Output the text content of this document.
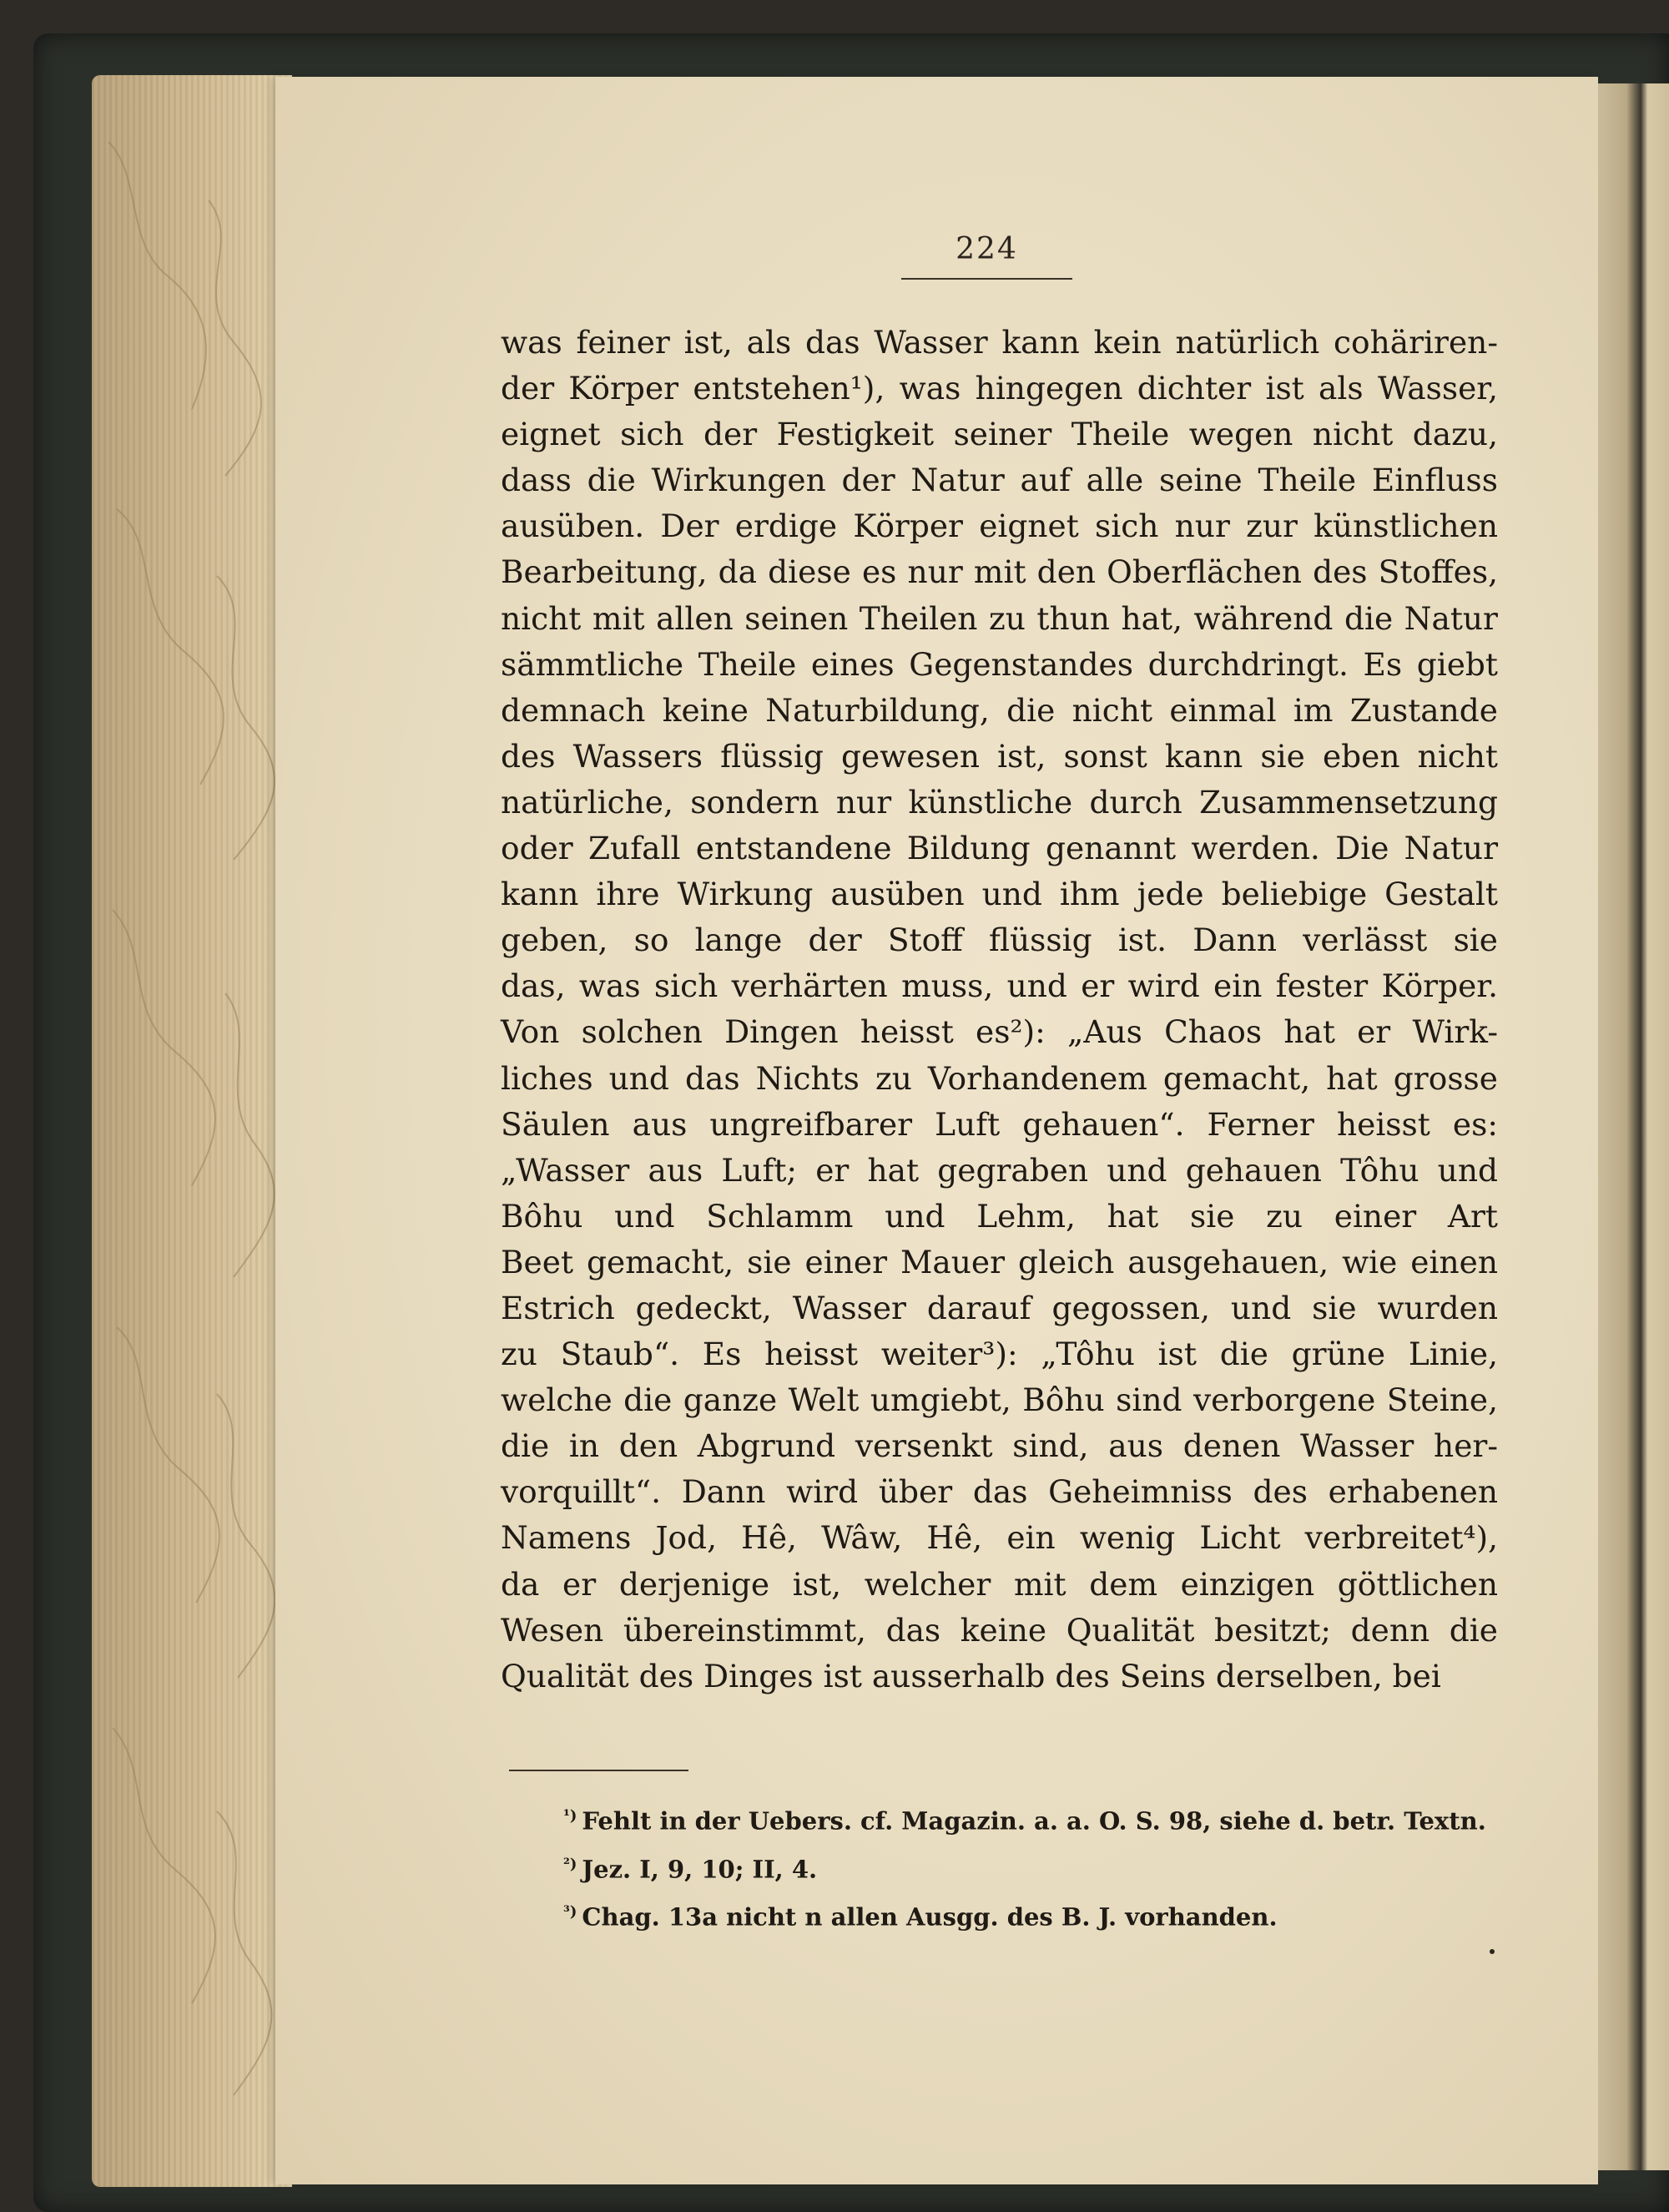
224
was feiner ist, als das Wasser kann kein natürlich cohäriren-
der Körper entstehen¹), was hingegen dichter ist als Wasser,
eignet sich der Festigkeit seiner Theile wegen nicht dazu,
dass die Wirkungen der Natur auf alle seine Theile Einfluss
ausüben. Der erdige Körper eignet sich nur zur künstlichen
Bearbeitung, da diese es nur mit den Oberflächen des Stoffes,
nicht mit allen seinen Theilen zu thun hat, während die Natur
sämmtliche Theile eines Gegenstandes durchdringt. Es giebt
demnach keine Naturbildung, die nicht einmal im Zustande
des Wassers flüssig gewesen ist, sonst kann sie eben nicht
natürliche, sondern nur künstliche durch Zusammensetzung
oder Zufall entstandene Bildung genannt werden. Die Natur
kann ihre Wirkung ausüben und ihm jede beliebige Gestalt
geben, so lange der Stoff flüssig ist. Dann verlässt sie
das, was sich verhärten muss, und er wird ein fester Körper.
Von solchen Dingen heisst es²): „Aus Chaos hat er Wirk-
liches und das Nichts zu Vorhandenem gemacht, hat grosse
Säulen aus ungreifbarer Luft gehauen“. Ferner heisst es:
„Wasser aus Luft; er hat gegraben und gehauen Tôhu und
Bôhu und Schlamm und Lehm, hat sie zu einer Art
Beet gemacht, sie einer Mauer gleich ausgehauen, wie einen
Estrich gedeckt, Wasser darauf gegossen, und sie wurden
zu Staub“. Es heisst weiter³): „Tôhu ist die grüne Linie,
welche die ganze Welt umgiebt, Bôhu sind verborgene Steine,
die in den Abgrund versenkt sind, aus denen Wasser her-
vorquillt“. Dann wird über das Geheimniss des erhabenen
Namens Jod, Hê, Wâw, Hê, ein wenig Licht verbreitet⁴),
da er derjenige ist, welcher mit dem einzigen göttlichen
Wesen übereinstimmt, das keine Qualität besitzt; denn die
Qualität des Dinges ist ausserhalb des Seins derselben, bei
$^{^1)}$ Fehlt in der Uebers. cf. Magazin. a. a. O. S. 98, siehe d. betr. Textn.
$^{^2)}$ Jez. I, 9, 10; II, 4.
$^{^3)}$ Chag. 13a nicht n allen Ausgg. des B. J. vorhanden.
